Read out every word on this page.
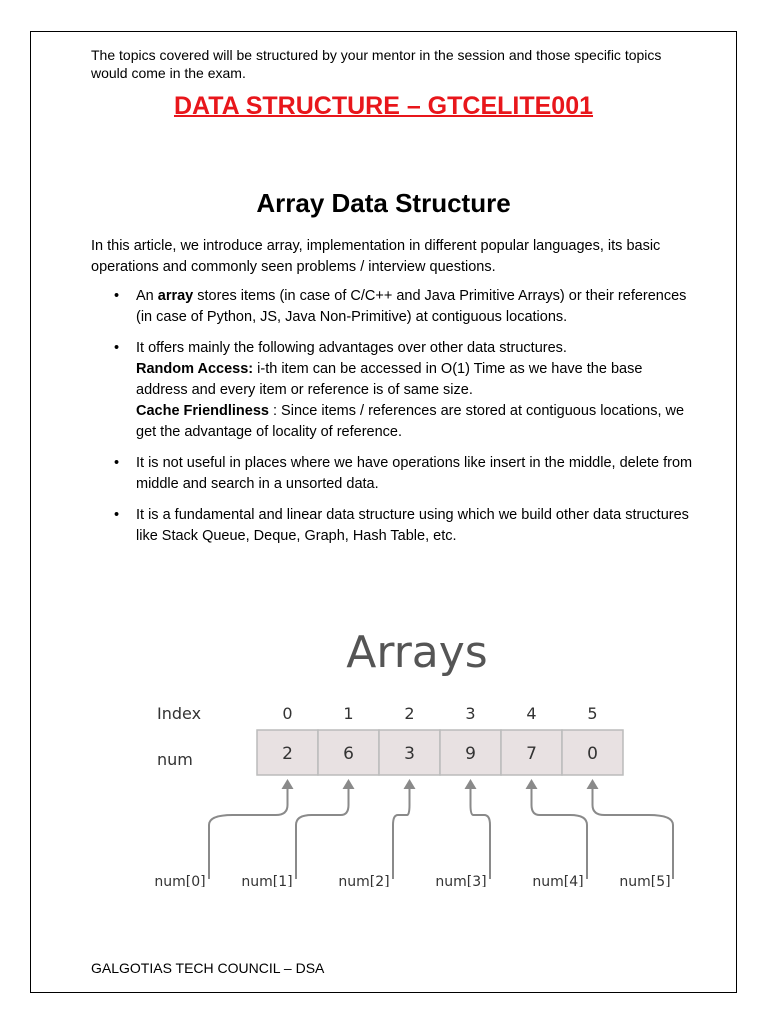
The topics covered will be structured by your mentor in the session and those specific topics would come in the exam.

DATA STRUCTURE – GTCELITE001
Array Data Structure

In this article, we introduce array, implementation in different popular languages, its basic operations and commonly seen problems / interview questions.

• An array stores items (in case of C/C++ and Java Primitive Arrays) or their references (in case of Python, JS, Java Non-Primitive) at contiguous locations.
• It offers mainly the following advantages over other data structures.
Random Access: i-th item can be accessed in O(1) Time as we have the base address and every item or reference is of same size.
Cache Friendliness : Since items / references are stored at contiguous locations, we get the advantage of locality of reference.
• It is not useful in places where we have operations like insert in the middle, delete from middle and search in a unsorted data.
• It is a fundamental and linear data structure using which we build other data structures like Stack Queue, Deque, Graph, Hash Table, etc.
Arrays
Index
num
0
2
num[0]
1
6
num[1]
2
3
num[2]
3
9
num[3]
4
7
num[4]
5
0
num[5]

GALGOTIAS TECH COUNCIL – DSA
